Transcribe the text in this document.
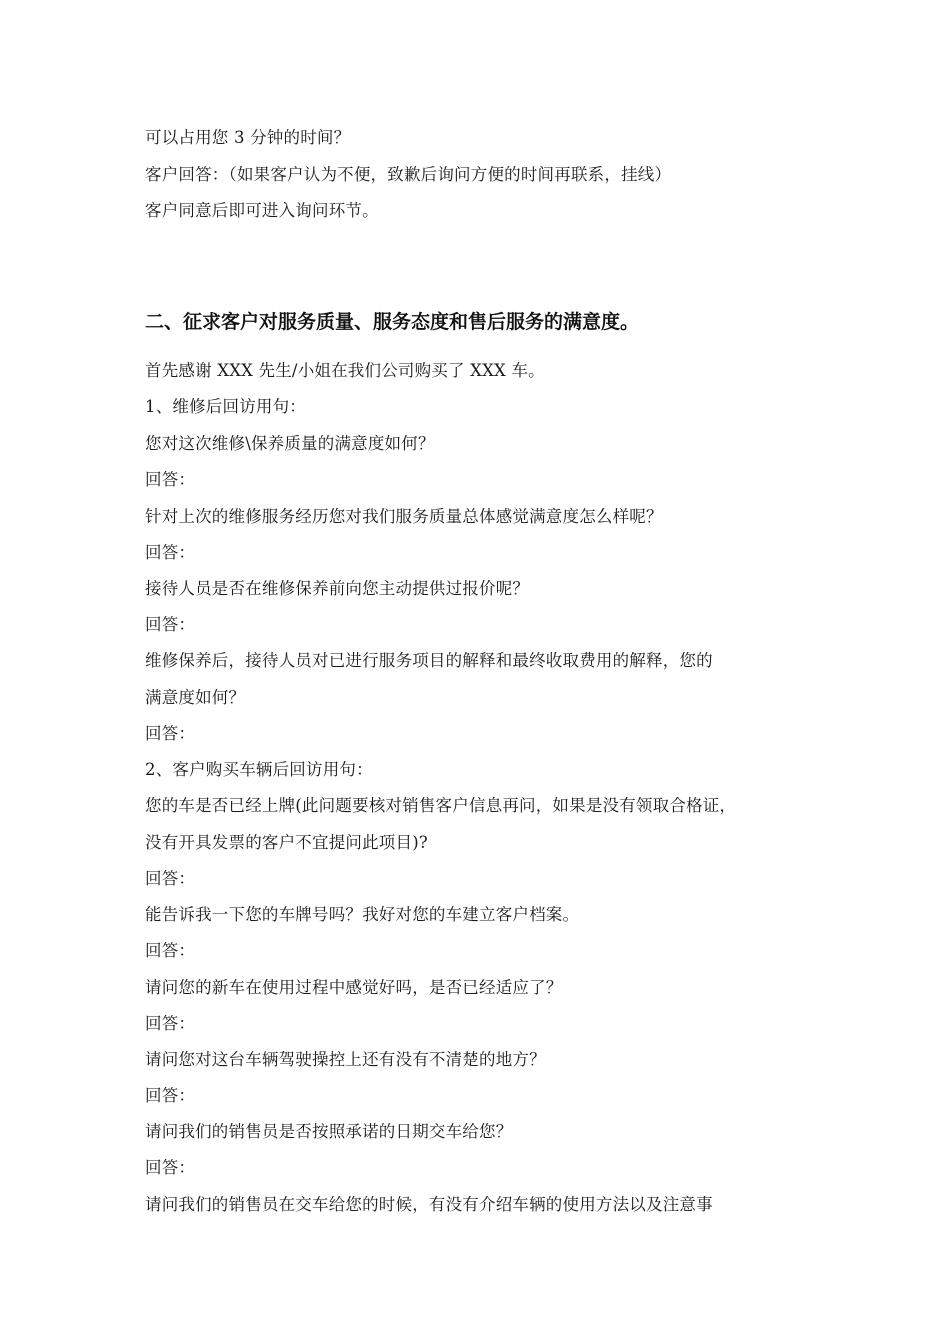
可以占用您 3 分钟的时间？
客户回答：（如果客户认为不便，致歉后询问方便的时间再联系，挂线）
客户同意后即可进入询问环节。
二、征求客户对服务质量、服务态度和售后服务的满意度。
首先感谢 XXX 先生/小姐在我们公司购买了 XXX 车。
1、维修后回访用句：
您对这次维修\保养质量的满意度如何？
回答：
针对上次的维修服务经历您对我们服务质量总体感觉满意度怎么样呢？
回答：
接待人员是否在维修保养前向您主动提供过报价呢？
回答：
维修保养后，接待人员对已进行服务项目的解释和最终收取费用的解释，您的
满意度如何？
回答：
2、客户购买车辆后回访用句：
您的车是否已经上牌(此问题要核对销售客户信息再问，如果是没有领取合格证，
没有开具发票的客户不宜提问此项目)?
回答：
能告诉我一下您的车牌号吗？我好对您的车建立客户档案。
回答：
请问您的新车在使用过程中感觉好吗，是否已经适应了？
回答：
请问您对这台车辆驾驶操控上还有没有不清楚的地方？
回答：
请问我们的销售员是否按照承诺的日期交车给您？
回答：
请问我们的销售员在交车给您的时候，有没有介绍车辆的使用方法以及注意事
